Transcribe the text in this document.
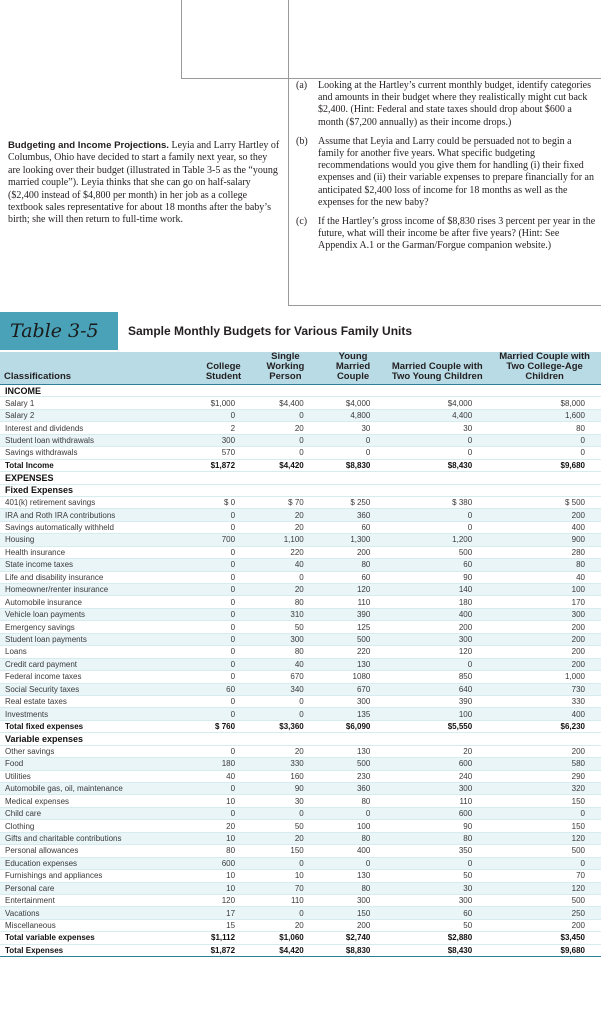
Budgeting and Income Projections. Leyia and Larry Hartley of Columbus, Ohio have decided to start a family next year, so they are looking over their budget (illustrated in Table 3-5 as the “young married couple”). Leyia thinks that she can go on half-salary ($2,400 instead of $4,800 per month) in her job as a college textbook sales representative for about 18 months after the baby’s birth; she will then return to full-time work.
(a)	Looking at the Hartley’s current monthly budget, identify categories and amounts in their budget where they realistically might cut back $2,400. (Hint: Federal and state taxes should drop about $600 a month ($7,200 annually) as their income drops.)
(b)	Assume that Leyia and Larry could be persuaded not to begin a family for another five years. What specific budgeting recommendations would you give them for handling (i) their fixed expenses and (ii) their variable expenses to prepare financially for an anticipated $2,400 loss of income for 18 months as well as the expenses for the new baby?
(c)	If the Hartley’s gross income of $8,830 rises 3 percent per year in the future, what will their income be after five years? (Hint: See Appendix A.1 or the Garman/Forgue companion website.)
Table 3-5	Sample Monthly Budgets for Various Family Units
Classifications	College Student	Single Working Person	Young Married Couple	Married Couple with Two Young Children	Married Couple with Two College-Age Children
INCOME					
Salary 1	$1,000	$4,400	$4,000	$4,000	$8,000
Salary 2	0	0	4,800	4,400	1,600
Interest and dividends	2	20	30	30	80
Student loan withdrawals	300	0	0	0	0
Savings withdrawals	570	0	0	0	0
Total Income	$1,872	$4,420	$8,830	$8,430	$9,680
EXPENSES					
Fixed Expenses					
401(k) retirement savings	$ 0	$ 70	$ 250	$ 380	$ 500
IRA and Roth IRA contributions	0	20	360	0	200
Savings automatically withheld	0	20	60	0	400
Housing	700	1,100	1,300	1,200	900
Health insurance	0	220	200	500	280
State income taxes	0	40	80	60	80
Life and disability insurance	0	0	60	90	40
Homeowner/renter insurance	0	20	120	140	100
Automobile insurance	0	80	110	180	170
Vehicle loan payments	0	310	390	400	300
Emergency savings	0	50	125	200	200
Student loan payments	0	300	500	300	200
Loans	0	80	220	120	200
Credit card payment	0	40	130	0	200
Federal income taxes	0	670	1080	850	1,000
Social Security taxes	60	340	670	640	730
Real estate taxes	0	0	300	390	330
Investments	0	0	135	100	400
Total fixed expenses	$ 760	$3,360	$6,090	$5,550	$6,230
Variable expenses					
Other savings	0	20	130	20	200
Food	180	330	500	600	580
Utilities	40	160	230	240	290
Automobile gas, oil, maintenance	0	90	360	300	320
Medical expenses	10	30	80	110	150
Child care	0	0	0	600	0
Clothing	20	50	100	90	150
Gifts and charitable contributions	10	20	80	80	120
Personal allowances	80	150	400	350	500
Education expenses	600	0	0	0	0
Furnishings and appliances	10	10	130	50	70
Personal care	10	70	80	30	120
Entertainment	120	110	300	300	500
Vacations	17	0	150	60	250
Miscellaneous	15	20	200	50	200
Total variable expenses	$1,112	$1,060	$2,740	$2,880	$3,450
Total Expenses	$1,872	$4,420	$8,830	$8,430	$9,680
